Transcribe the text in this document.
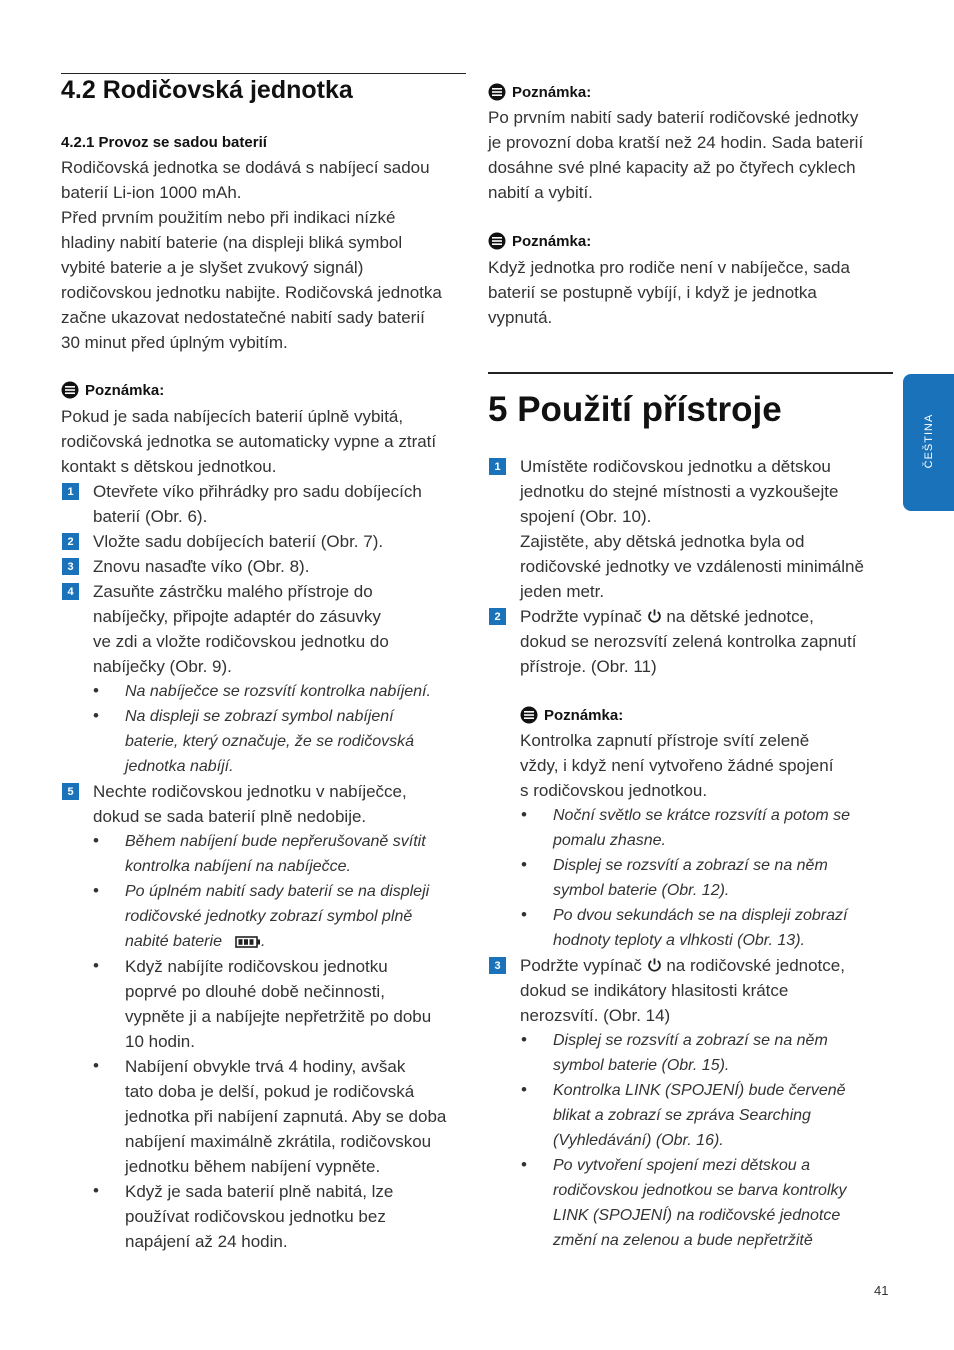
4.2 Rodičovská jednotka
4.2.1 Provoz se sadou baterií
Rodičovská jednotka se dodává s nabíjecí sadou
baterií Li-ion 1000 mAh.
Před prvním použitím nebo při indikaci nízké
hladiny nabití baterie (na displeji bliká symbol
vybité baterie a je slyšet zvukový signál)
rodičovskou jednotku nabijte. Rodičovská jednotka
začne ukazovat nedostatečné nabití sady baterií
30 minut před úplným vybitím.
Poznámka:
Pokud je sada nabíjecích baterií úplně vybitá,
rodičovská jednotka se automaticky vypne a ztratí
kontakt s dětskou jednotkou.
1	Otevřete víko přihrádky pro sadu dobíjecích
baterií (Obr. 6).
2	Vložte sadu dobíjecích baterií (Obr. 7).
3	Znovu nasaďte víko (Obr. 8).
4	Zasuňte zástrčku malého přístroje do
nabíječky, připojte adaptér do zásuvky
ve zdi a vložte rodičovskou jednotku do
nabíječky (Obr. 9).
• Na nabíječce se rozsvítí kontrolka nabíjení.
• Na displeji se zobrazí symbol nabíjení
baterie, který označuje, že se rodičovská
jednotka nabíjí.
5	Nechte rodičovskou jednotku v nabíječce,
dokud se sada baterií plně nedobije.
• Během nabíjení bude nepřerušovaně svítit
kontrolka nabíjení na nabíječce.
• Po úplném nabití sady baterií se na displeji
rodičovské jednotky zobrazí symbol plně
nabité baterie	.
• Když nabíjíte rodičovskou jednotku
poprvé po dlouhé době nečinnosti,
vypněte ji a nabíjejte nepřetržitě po dobu
10 hodin.
• Nabíjení obvykle trvá 4 hodiny, avšak
tato doba je delší, pokud je rodičovská
jednotka při nabíjení zapnutá. Aby se doba
nabíjení maximálně zkrátila, rodičovskou
jednotku během nabíjení vypněte.
• Když je sada baterií plně nabitá, lze
používat rodičovskou jednotku bez
napájení až 24 hodin.
Poznámka:
Po prvním nabití sady baterií rodičovské jednotky
je provozní doba kratší než 24 hodin. Sada baterií
dosáhne své plné kapacity až po čtyřech cyklech
nabití a vybití.
Poznámka:
Když jednotka pro rodiče není v nabíječce, sada
baterií se postupně vybíjí, i když je jednotka
vypnutá.
5 Použití přístroje
1	Umístěte rodičovskou jednotku a dětskou
jednotku do stejné místnosti a vyzkoušejte
spojení (Obr. 10).
Zajistěte, aby dětská jednotka byla od
rodičovské jednotky ve vzdálenosti minimálně
jeden metr.
2	Podržte vypínač  na dětské jednotce,
dokud se nerozsvítí zelená kontrolka zapnutí
přístroje. (Obr. 11)
Poznámka:
Kontrolka zapnutí přístroje svítí zeleně
vždy, i když není vytvořeno žádné spojení
s rodičovskou jednotkou.
• Noční světlo se krátce rozsvítí a potom se
pomalu zhasne.
• Displej se rozsvítí a zobrazí se na něm
symbol baterie (Obr. 12).
• Po dvou sekundách se na displeji zobrazí
hodnoty teploty a vlhkosti (Obr. 13).
3	Podržte vypínač  na rodičovské jednotce,
dokud se indikátory hlasitosti krátce
nerozsvítí. (Obr. 14)
• Displej se rozsvítí a zobrazí se na něm
symbol baterie (Obr. 15).
• Kontrolka LINK (SPOJENÍ) bude červeně
blikat a zobrazí se zpráva Searching
(Vyhledávání) (Obr. 16).
• Po vytvoření spojení mezi dětskou a
rodičovskou jednotkou se barva kontrolky
LINK (SPOJENÍ) na rodičovské jednotce
změní na zelenou a bude nepřetržitě
ČEŠTINA
41
